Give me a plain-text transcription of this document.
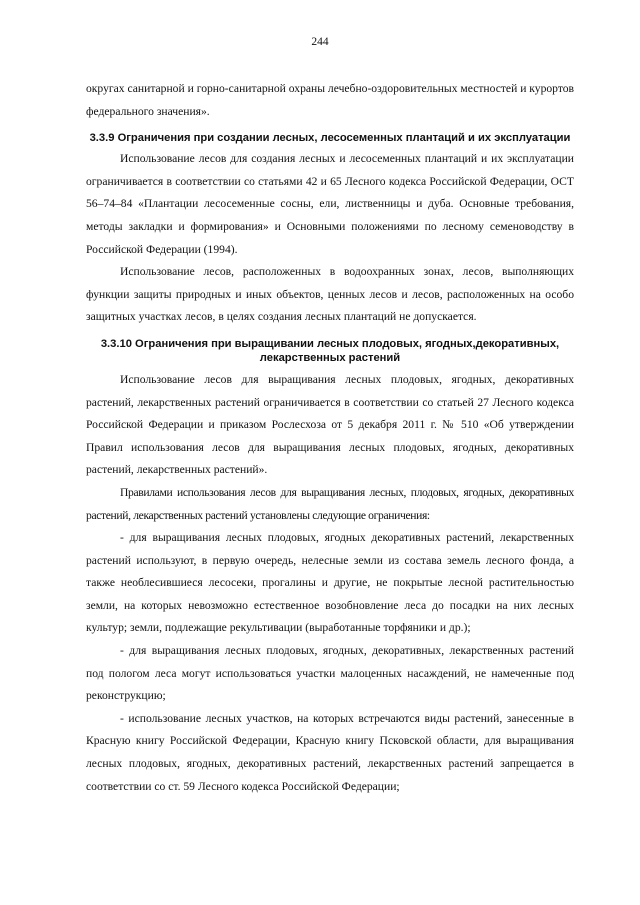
244

округах санитарной и горно-санитарной охраны лечебно-оздоровительных местностей и курортов федерального значения».

3.3.9 Ограничения при создании лесных, лесосеменных плантаций и их эксплуатации

Использование лесов для создания лесных и лесосеменных плантаций и их эксплуатации ограничивается в соответствии со статьями 42 и 65 Лесного кодекса Российской Федерации, ОСТ 56–74–84 «Плантации лесосеменные сосны, ели, лиственницы и дуба. Основные требования, методы закладки и формирования» и Основными положениями по лесному семеноводству в Российской Федерации (1994).

Использование лесов, расположенных в водоохранных зонах, лесов, выполняющих функции защиты природных и иных объектов, ценных лесов и лесов, расположенных на особо защитных участках лесов, в целях создания лесных плантаций не допускается.

3.3.10 Ограничения при выращивании лесных плодовых, ягодных,декоративных,
лекарственных растений

Использование лесов для выращивания лесных плодовых, ягодных, декоративных растений, лекарственных растений ограничивается в соответствии со статьей 27 Лесного кодекса Российской Федерации и приказом Рослесхоза от 5 декабря 2011 г. № 510 «Об утверждении Правил использования лесов для выращивания лесных плодовых, ягодных, декоративных растений, лекарственных растений».

Правилами использования лесов для выращивания лесных, плодовых, ягодных, декоративных растений, лекарственных растений установлены следующие ограничения:

- для выращивания лесных плодовых, ягодных декоративных растений, лекарственных растений используют, в первую очередь, нелесные земли из состава земель лесного фонда, а также необлесившиеся лесосеки, прогалины и другие, не покрытые лесной растительностью земли, на которых невозможно естественное возобновление леса до посадки на них лесных культур; земли, подлежащие рекультивации (выработанные торфяники и др.);

- для выращивания лесных плодовых, ягодных, декоративных, лекарственных растений под пологом леса могут использоваться участки малоценных насаждений, не намеченные под реконструкцию;

- использование лесных участков, на которых встречаются виды растений, занесенные в Красную книгу Российской Федерации, Красную книгу Псковской области, для выращивания лесных плодовых, ягодных, декоративных растений, лекарственных растений запрещается в соответствии со ст. 59 Лесного кодекса Российской Федерации;
